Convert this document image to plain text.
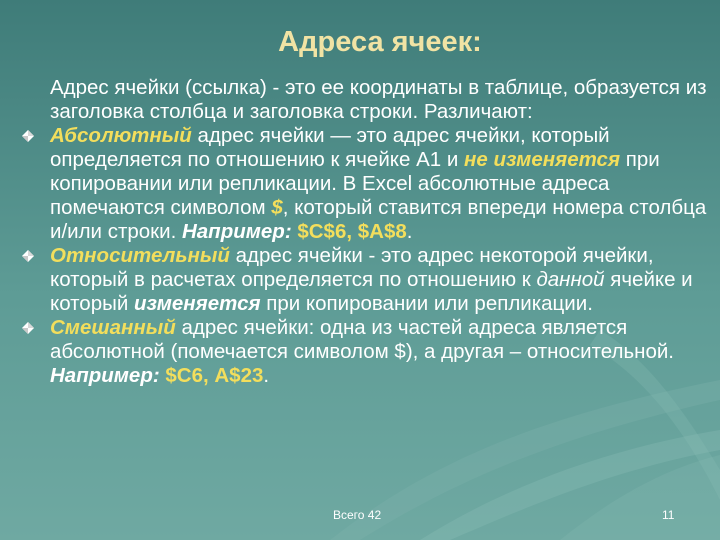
Адреса ячеек:

Адрес ячейки (ссылка) - это ее координаты в таблице, образуется из заголовка столбца и заголовка строки. Различают:

Абсолютный адрес ячейки — это адрес ячейки, который определяется по отношению к ячейке А1 и не изменяется при копировании или репликации. В Excel абсолютные адреса помечаются символом $, который ставится впереди номера столбца и/или строки. Например: $C$6, $A$8.

Относительный адрес ячейки - это адрес некоторой ячейки, который в расчетах определяется по отношению к данной ячейке и который изменяется при копировании или репликации.

Смешанный адрес ячейки: одна из частей адреса является абсолютной (помечается символом $), а другая – относительной. Например: $С6, А$23.

Всего 42	11
